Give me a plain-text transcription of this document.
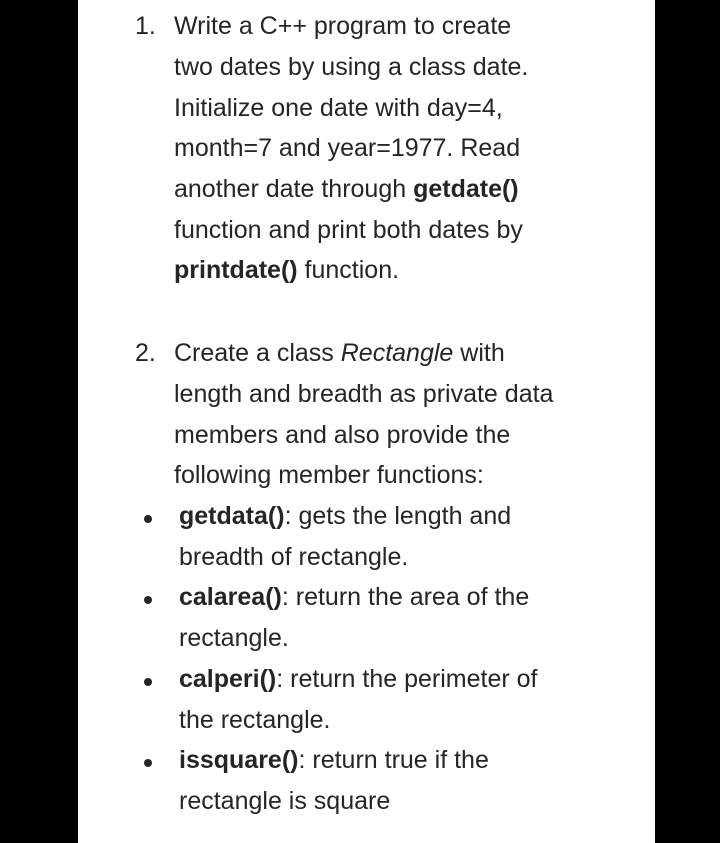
1. Write a C++ program to create
two dates by using a class date.
Initialize one date with day=4,
month=7 and year=1977. Read
another date through getdate()
function and print both dates by
printdate() function.
2. Create a class Rectangle with
length and breadth as private data
members and also provide the
following member functions:
getdata(): gets the length and
breadth of rectangle.
calarea(): return the area of the
rectangle.
calperi(): return the perimeter of
the rectangle.
issquare(): return true if the
rectangle is square
